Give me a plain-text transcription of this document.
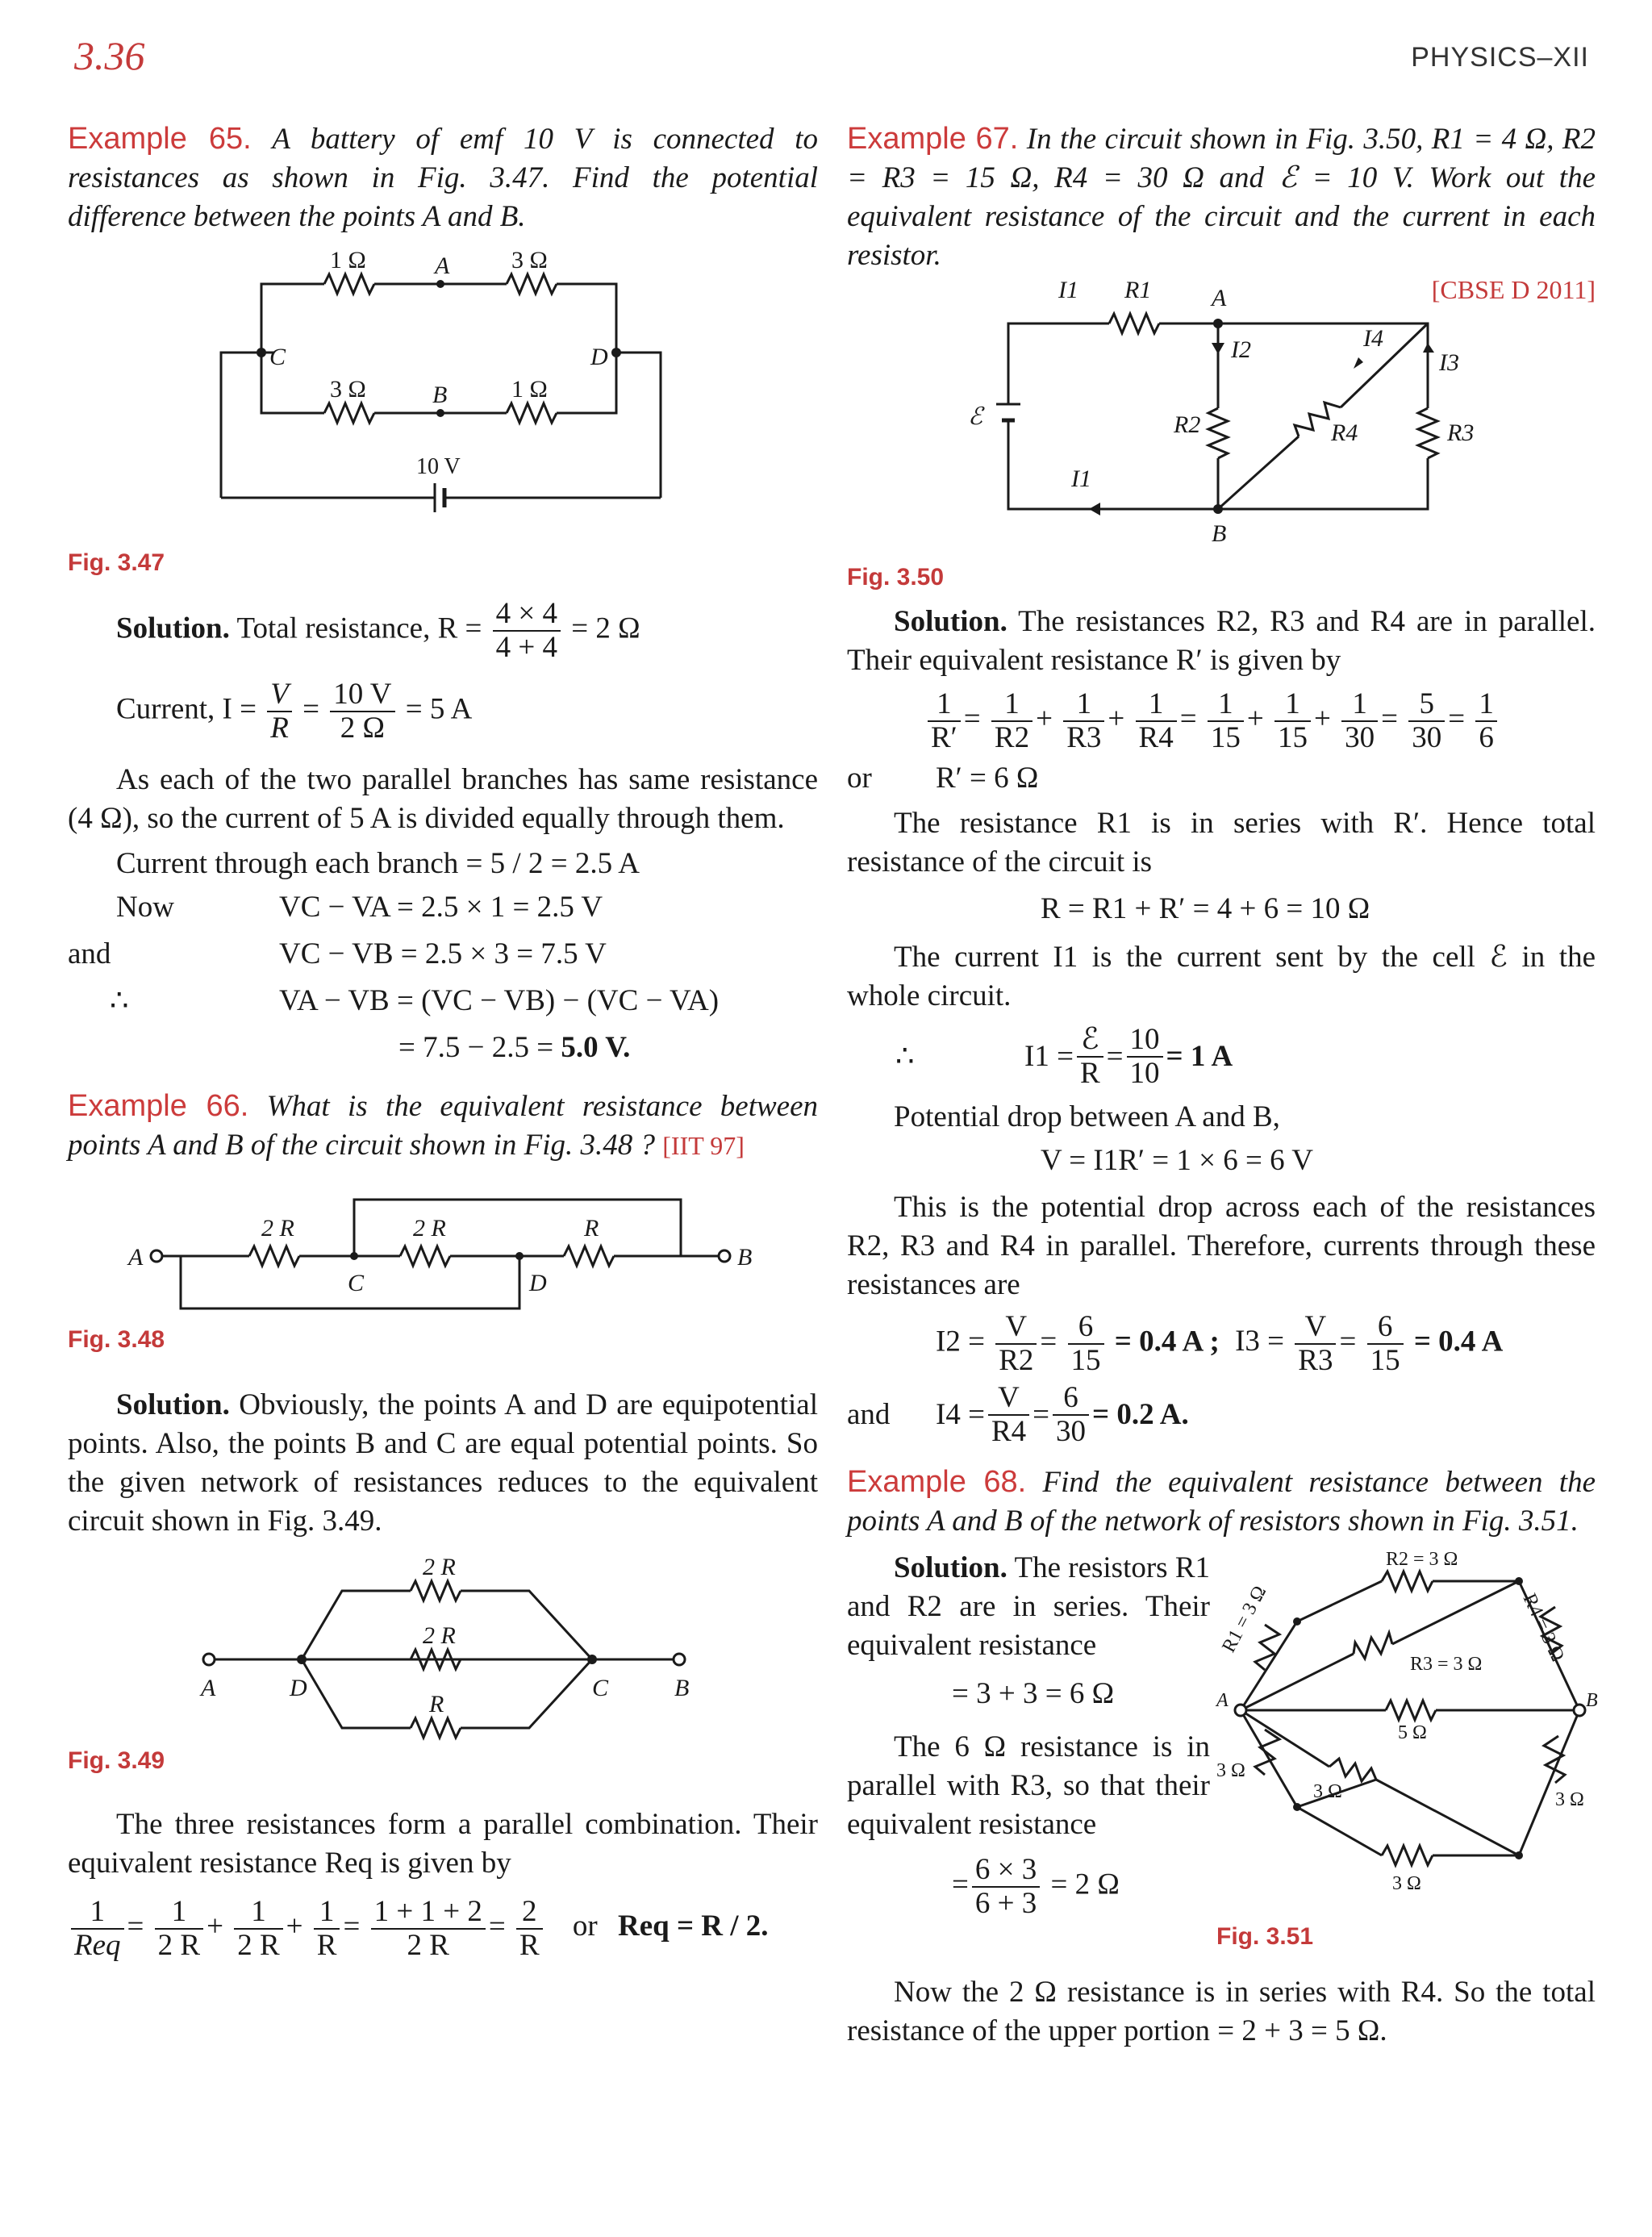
3.36	PHYSICS–XII

Example 65. A battery of emf 10 V is connected to resistances as shown in Fig. 3.47. Find the potential difference between the points A and B.

1 Ω	A	3 Ω
C	D
3 Ω	B	1 Ω
10 V
Fig. 3.47
Solution. Total resistance, $R = \frac{4 \times 4}{4 + 4} = 2$ Ω
Current, $I = \frac{V}{R} = \frac{10 V}{2 \Omega} = 5$ A

As each of the two parallel branches has same resistance (4 Ω), so the current of 5 A is divided equally through them.

Current through each branch = 5 / 2 = 2.5 A

Now	VC − VA = 2.5 × 1 = 2.5 V
and	VC − VB = 2.5 × 3 = 7.5 V
∴	VA − VB = (VC − VB) − (VC − VA)
= 7.5 − 2.5 = 5.0 V.

Example 66. What is the equivalent resistance between points A and B of the circuit shown in Fig. 3.48 ? [IIT 97]

2 R	2 R	R
A	B
C	D
Fig. 3.48

Solution. Obviously, the points A and D are equipotential points. Also, the points B and C are equal potential points. So the given network of resistances reduces to the equivalent circuit shown in Fig. 3.49.

2 R
2 R
R
A	D	C	B
Fig. 3.49

The three resistances form a parallel combination. Their equivalent resistance Req is given by

$\frac{1}{\text{Req}} = \frac{1}{2 R} + \frac{1}{2 R} + \frac{1}{R} = \frac{1 + 1 + 2}{2 R} = \frac{2}{R}$ or Req = R / 2.

Example 67. In the circuit shown in Fig. 3.50, R1 = 4 Ω, R2 = R3 = 15 Ω, R4 = 30 Ω and ℰ = 10 V. Work out the equivalent resistance of the circuit and the current in each resistor.

[CBSE D 2011]
I1 R1 A
I2	I4
I3
R2	R4	R3
ℰ
I1
B
Fig. 3.50

Solution. The resistances R2, R3 and R4 are in parallel. Their equivalent resistance R′ is given by

$\frac{1}{R'} = \frac{1}{R2} + \frac{1}{R3} + \frac{1}{R4} = \frac{1}{15} + \frac{1}{15} + \frac{1}{30} = \frac{5}{30} = \frac{1}{6}$
or	R′ = 6 Ω

The resistance R1 is in series with R′. Hence total resistance of the circuit is

R = R1 + R′ = 4 + 6 = 10 Ω

The current I1 is the current sent by the cell ℰ in the whole circuit.

∴	$I1 = \frac{\text{ℰ}}{R} = \frac{10}{10} = 1$ A

Potential drop between A and B,

V = I1R′ = 1 × 6 = 6 V

This is the potential drop across each of the resistances R2, R3 and R4 in parallel. Therefore, currents through these resistances are

$I2 = \frac{V}{R2} = \frac{6}{15} = 0.4$ A ; $I3 = \frac{V}{R3} = \frac{6}{15} = 0.4$ A
and	$I4 = \frac{V}{R4} = \frac{6}{30} = 0.2$ A.

Example 68. Find the equivalent resistance between the points A and B of the network of resistors shown in Fig. 3.51.

Solution. The resistors R1 and R2 are in series. Their equivalent resistance

= 3 + 3 = 6 Ω

The 6 Ω resistance is in parallel with R3, so that their equivalent resistance

= $\frac{6 \times 3}{6 + 3} = 2$ Ω
R2 = 3 Ω
R1 = 3 Ω	R4 = 3 Ω
R3 = 3 Ω
5 Ω
A	B
3 Ω
3 Ω	3 Ω
3 Ω
Fig. 3.51

Now the 2 Ω resistance is in series with R4. So the total resistance of the upper portion = 2 + 3 = 5 Ω.
